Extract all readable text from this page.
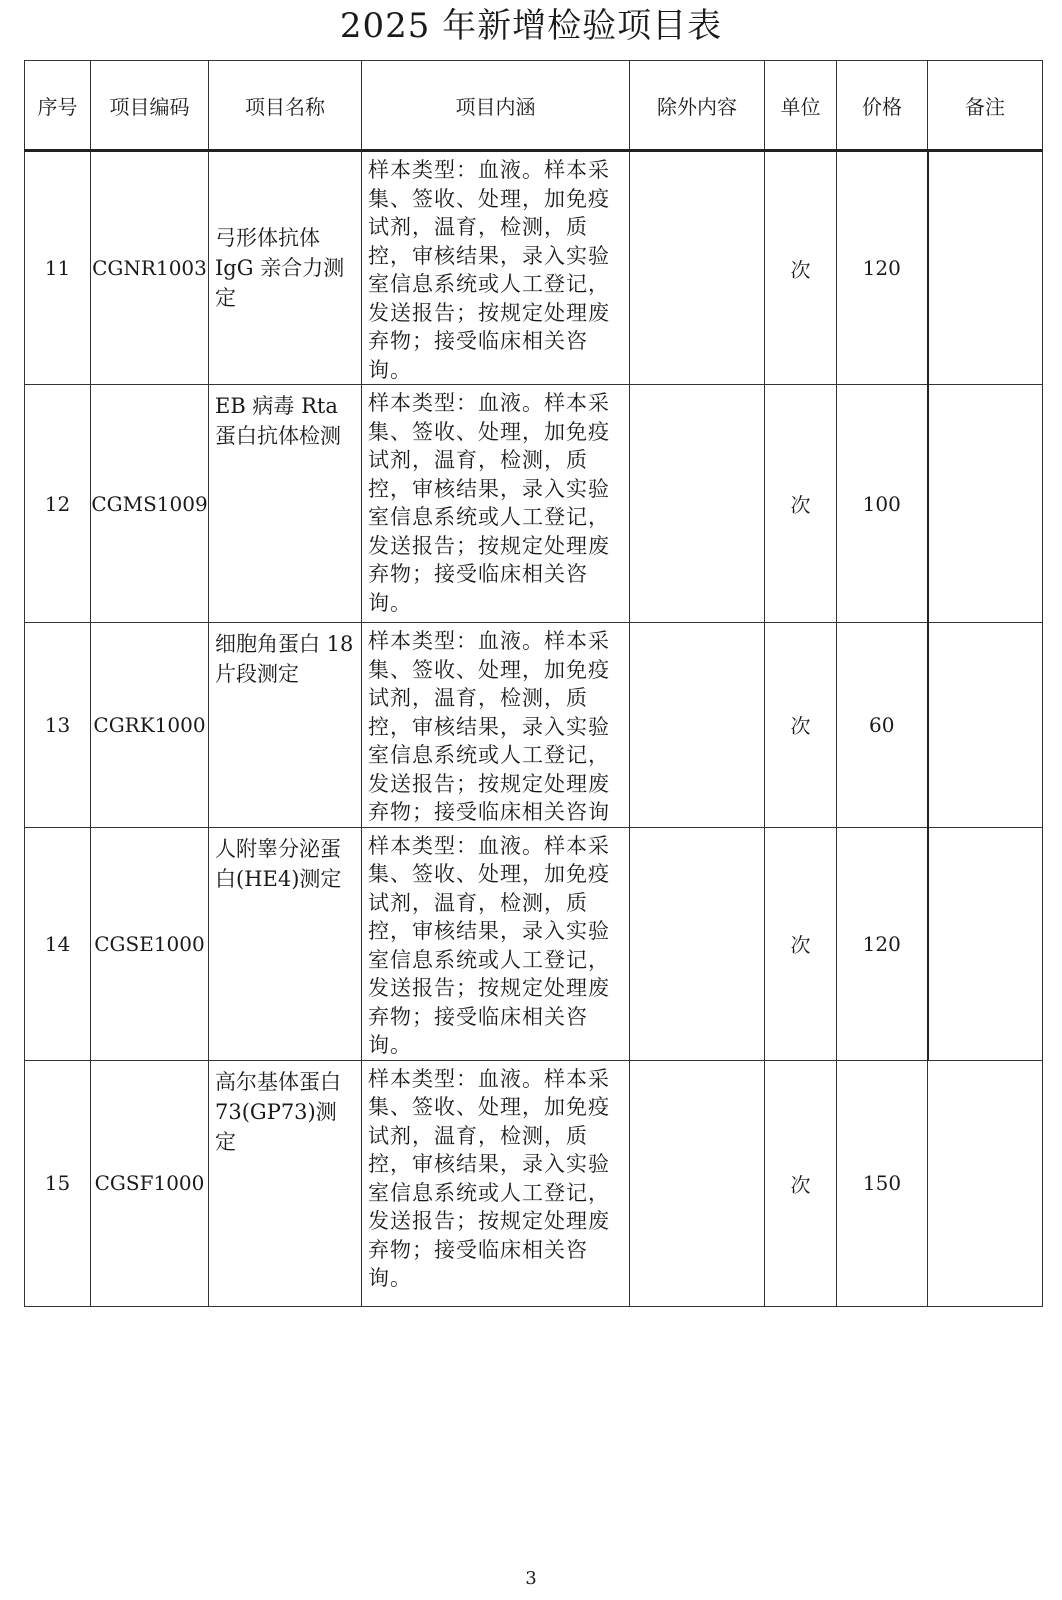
2025 年新增检验项目表
序号	项目编码	项目名称	项目内涵	除外内容	单位	价格	备注
11	CGNR1003	弓形体抗体 IgG 亲合力测定	样本类型：血液。样本采集、签收、处理，加免疫试剂，温育，检测，质控，审核结果，录入实验室信息系统或人工登记，发送报告；按规定处理废弃物；接受临床相关咨询。		次	120	
12	CGMS1009	EB 病毒 Rta 蛋白抗体检测	样本类型：血液。样本采集、签收、处理，加免疫试剂，温育，检测，质控，审核结果，录入实验室信息系统或人工登记，发送报告；按规定处理废弃物；接受临床相关咨询。		次	100	
13	CGRK1000	细胞角蛋白 18 片段测定	样本类型：血液。样本采集、签收、处理，加免疫试剂，温育，检测，质控，审核结果，录入实验室信息系统或人工登记，发送报告；按规定处理废弃物；接受临床相关咨询		次	60	
14	CGSE1000	人附睾分泌蛋白(HE4)测定	样本类型：血液。样本采集、签收、处理，加免疫试剂，温育，检测，质控，审核结果，录入实验室信息系统或人工登记，发送报告；按规定处理废弃物；接受临床相关咨询。		次	120	
15	CGSF1000	高尔基体蛋白 73(GP73)测定	样本类型：血液。样本采集、签收、处理，加免疫试剂，温育，检测，质控，审核结果，录入实验室信息系统或人工登记，发送报告；按规定处理废弃物；接受临床相关咨询。		次	150	
3
